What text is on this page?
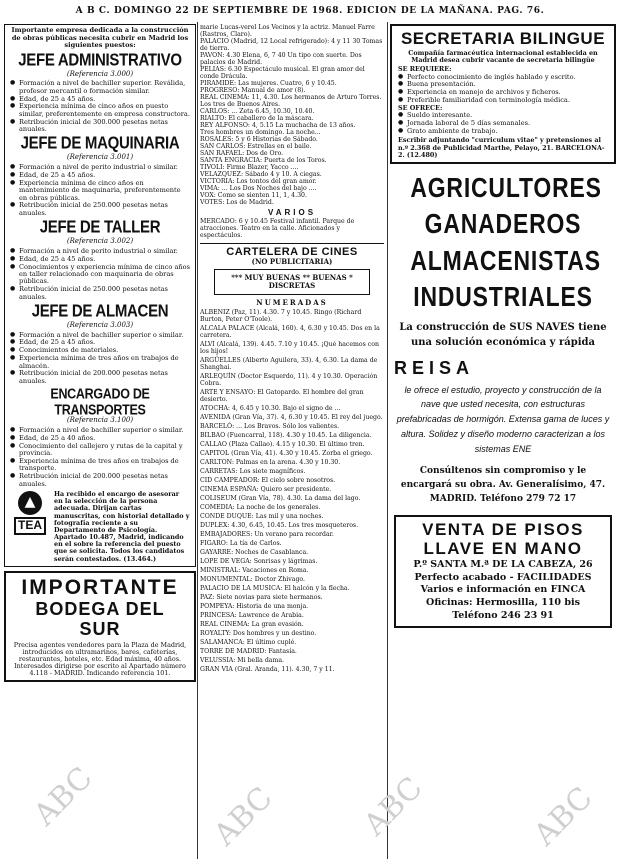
A B C. DOMINGO 22 DE SEPTIEMBRE DE 1968. EDICION DE LA MAÑANA. PAG. 76.
Importante empresa dedicada a la construcción de obras públicas necesita cubrir en Madrid los siguientes puestos:
JEFE ADMINISTRATIVO
(Referencia 3.000)
● Formación a nivel de bachiller superior. Reválida, profesor mercantil o formación similar.
● Edad, de 25 a 45 años.
● Experiencia mínima de cinco años en puesto similar, preferentemente en empresa constructora.
● Retribución inicial de 300.000 pesetas netas anuales.
JEFE DE MAQUINARIA
(Referencia 3.001)
● Formación a nivel de perito industrial o similar.
● Edad, de 25 a 45 años.
● Experiencia mínima de cinco años en mantenimiento de maquinaria, preferentemente en obras públicas.
● Retribución inicial de 250.000 pesetas netas anuales.
JEFE DE TALLER
(Referencia 3.002)
● Formación a nivel de perito industrial o similar.
● Edad, de 25 a 45 años.
● Conocimientos y experiencia mínima de cinco años en taller relacionado con maquinaria de obras públicas.
● Retribución inicial de 250.000 pesetas netas anuales.
JEFE DE ALMACEN
(Referencia 3.003)
● Formación a nivel de bachiller superior o similar.
● Edad, de 25 a 45 años.
● Conocimientos de materiales.
● Experiencia mínima de tres años en trabajos de almacén.
● Retribución inicial de 200.000 pesetas netas anuales.
ENCARGADO DE TRANSPORTES
(Referencia 3.100)
● Formación a nivel de bachiller superior o similar.
● Edad, de 25 a 40 años.
● Conocimiento del callejero y rutas de la capital y provincia.
● Experiencia mínima de tres años en trabajos de transporte.
● Retribución inicial de 200.000 pesetas netas anuales.
▲
TEA
Ha recibido el encargo de asesorar en la selección de la persona adecuada. Dirijan cartas manuscritas, con historial detallado y fotografía reciente a su Departamento de Psicología. Apartado 10.487, Madrid, indicando en el sobre la referencia del puesto que se solicita. Todos los candidatos serán contestados. (13.464.)
IMPORTANTE
BODEGA DEL SUR
Precisa agentes vendedores para la Plaza de Madrid, introducidos en ultramarinos, bares, cafeterías, restaurantes, hoteles, etc. Edad máxima, 40 años. Interesados dirigirse por escrito al Apartado número 4.118 - MADRID. Indicando referencia 101.

marie Lucas-verel Los Vecinos y la actriz. Manuel Farre (Rastros, Claro).

PALACIO (Madrid, 12 Local refrigerado): 4 y 11 30 Tomas de tierra.

PAVON: 4.30 Elena, 6, 7 40 Un tipo con suerte. Dos palacios de Madrid.

PELIAS: 6.30 Espectáculo musical. El gran amor del conde Drácula.

PIRAMIDE: Las mujeres. Cuatro, 6 y 10.45.

PROGRESO: Manual de amor (8).

REAL CINEMA: 11, 4.30. Los hermanos de Arturo Torres. Los tres de Buenos Aires.

CARLOS: ... Zeta 6.45, 10.30, 10.40.

RIALTO: El caballero de la máscara.

REY ALFONSO: 4, 5.15 La muchacha de 13 años.

Tres hombres un domingo. La noche...

ROSALES: 5 y 6 Historias de Sábado.

SAN CARLOS: Estrellas en el baile.

SAN RAFAEL: Dos de Oro.

SANTA ENGRACIA: Puerta de los Toros.

TIVOLI: Firme Blazer, Yacco ....

VELAZQUEZ: Sábado 4 y 10. A ciegas.

VICTORIA: Los tontos del gran amor.

VIMA: ... Los Dos Noches del bajo ....

VOX: Como se sienten 11, 1, 4.30.

VOTES: Los de Madrid.

VARIOS
MERCADO: 6 y 10.45 Festival infantil. Parque de atracciones. Teatro en la calle. Aficionados y espectáculos.
CARTELERA DE CINES
(NO PUBLICITARIA)
*** MUY BUENAS ** BUENAS * DISCRETAS
NUMERADAS

ALBENIZ (Paz, 11). 4.30. 7 y 10.45. Ringo (Richard Burton, Peter O'Toole).

ALCALA PALACE (Alcalá, 160). 4, 6.30 y 10.45. Dos en la carretera.

ALVI (Alcalá, 139). 4.45. 7.10 y 10.45. ¡Qué hacemos con los hijos!

ARGÜELLES (Alberto Aguilera, 33). 4, 6.30. La dama de Shanghai.

ARLEQUÍN (Doctor Esquerdo, 11). 4 y 10.30. Operación Cobra.

ARTE Y ENSAYO: El Gatopardo. El hombre del gran desierto.

ATOCHA: 4, 6.45 y 10.30. Bajo el signo de ...

AVENIDA (Gran Vía, 37). 4, 6.30 y 10.45. El rey del juego.

BARCELÓ: ... Los Bravos. Sólo los valientes.

BILBAO (Fuencarral, 118). 4.30 y 10.45. La diligencia.

CALLAO (Plaza Callao). 4.15 y 10.30. El último tren.

CAPITOL (Gran Vía, 41). 4.30 y 10.45. Zorba el griego.

CARLTON: Palmas en la arena. 4.30 y 10.30.

CARRETAS: Los siete magníficos.

CID CAMPEADOR: El cielo sobre nosotros.

CINEMA ESPAÑA: Quiero ser presidente.

COLISEUM (Gran Vía, 78). 4.30. La dama del lago.

COMEDIA: La noche de los generales.

CONDE DUQUE: Las mil y una noches.

DUPLEX: 4.30, 6.45, 10.45. Los tres mosqueteros.

EMBAJADORES: Un verano para recordar.

FIGARO: La tía de Carlos.

GAYARRE: Noches de Casablanca.

LOPE DE VEGA: Sonrisas y lágrimas.

MINISTRAL: Vacaciones en Roma.

MONUMENTAL: Doctor Zhivago.

PALACIO DE LA MUSICA: El halcón y la flecha.

PAZ: Siete novias para siete hermanos.

POMPEYA: Historia de una monja.

PRINCESA: Lawrence de Arabia.

REAL CINEMA: La gran evasión.

ROYALTY: Dos hombres y un destino.

SALAMANCA: El último cuplé.

TORRE DE MADRID: Fantasía.

VELUSSIA: Mi bella dama.

GRAN VIA (Gral. Aranda, 11). 4.30, 7 y 11.

SECRETARIA BILINGUE
Compañía farmacéutica internacional establecida en Madrid desea cubrir vacante de secretaria bilingüe
SE REQUIERE:
● Perfecto conocimiento de inglés hablado y escrito.
● Buena presentación.
● Experiencia en manejo de archivos y ficheros.
● Preferible familiaridad con terminología médica.
SE OFRECE:
● Sueldo interesante.
● Jornada laboral de 5 días semanales.
● Grato ambiente de trabajo.
Escribir adjuntando "curriculum vitae" y pretensiones al n.º 2.368 de Publicidad Marthe, Pelayo, 21. BARCELONA-2. (12.480)
AGRICULTORES
GANADEROS
ALMACENISTAS
INDUSTRIALES
La construcción de SUS NAVES tiene una solución económica y rápida
REISA
le ofrece el estudio, proyecto y construcción de la nave que usted necesita, con estructuras prefabricadas de hormigón. Extensa gama de luces y altura. Solidez y diseño moderno caracterizan a los sistemas ENE
Consúltenos sin compromiso y le encargará su obra. Av. Generalísimo, 47. MADRID. Teléfono 279 72 17
VENTA DE PISOS
LLAVE EN MANO
P.º SANTA M.ª DE LA CABEZA, 26
Perfecto acabado - FACILIDADES
Varios e información en FINCA
Oficinas: Hermosilla, 110 bis
Teléfono 246 23 91
ABC	ABC	ABC	ABC
